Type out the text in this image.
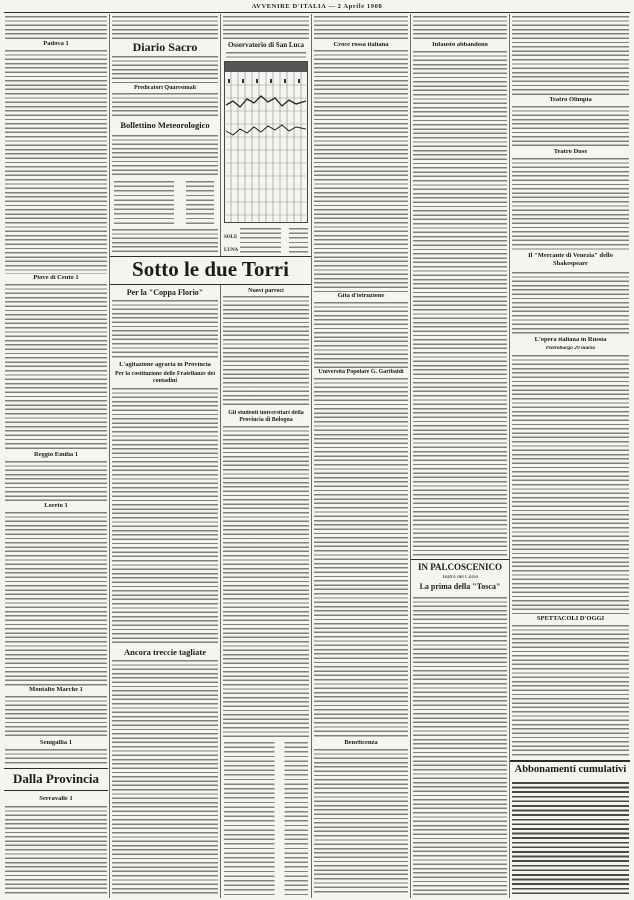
AVVENIRE D'ITALIA — 2 Aprile 1908
Padova 1
Piove di Cento 1
Reggio Emilia 1
Loreto 1
Montalto Marche 1
Senigallia 1
Dalla Provincia
Serravalle 1
Diario Sacro
Predicatori Quaresimali
Bollettino Meteorologico
Sotto le due Torri
Per la "Coppa Florio"
L'agitazione agraria in Provincia
Per la costituzione delle Fratellanze dei contadini
Ancora treccie tagliate
Osservatorio di San Luca
SOLE
LUNA
Nuovi parroci
Gli studenti universitari della Provincia di Bologna
Croce rossa italiana
Gita d'istruzione
Università Popolare G. Garibaldi
Beneficenza
Infausto abbandono
IN PALCOSCENICO
Teatro del Corso
La prima della "Tosca"
Teatro Olimpia
Teatro Duse
Il "Mercante di Venezia" dello Shakespeare
L'opera italiana in Russia
Pietroburgo 29 marzo
SPETTACOLI D'OGGI
Abbonamenti cumulativi
